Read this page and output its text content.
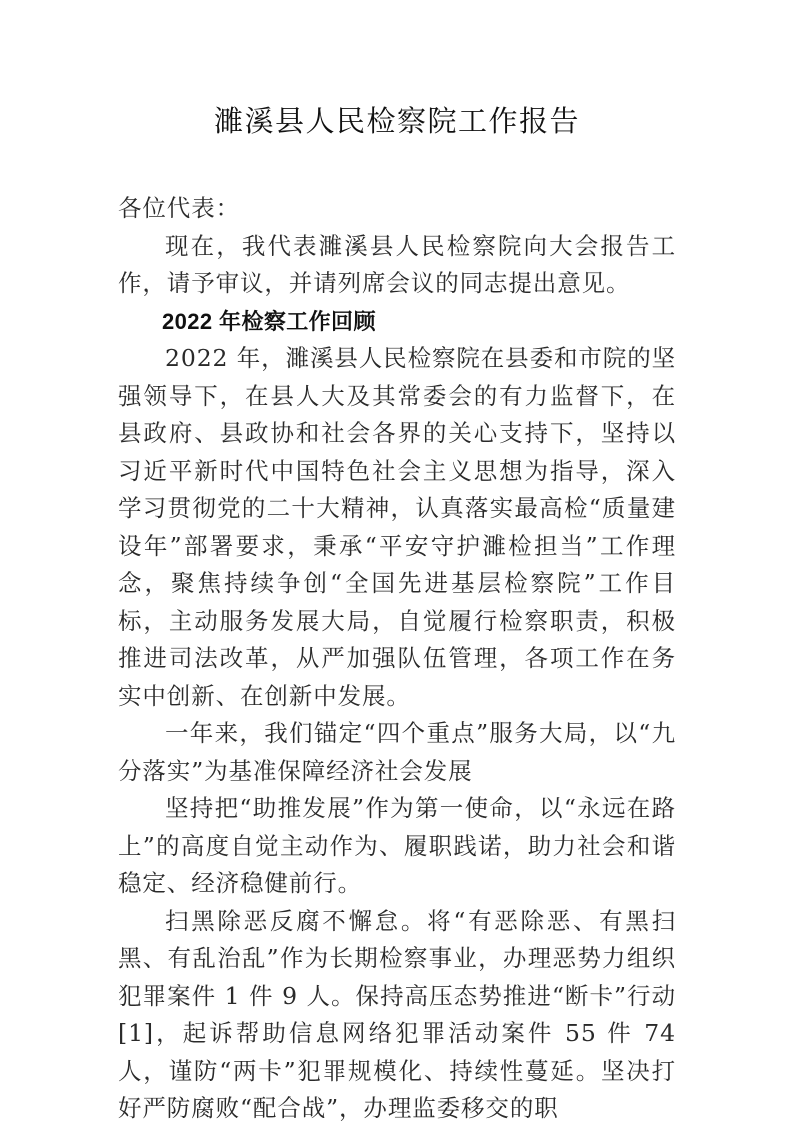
濉溪县人民检察院工作报告

各位代表：

现在，我代表濉溪县人民检察院向大会报告工作，请予审议，并请列席会议的同志提出意见。

2022 年检察工作回顾

2022 年，濉溪县人民检察院在县委和市院的坚强领导下，在县人大及其常委会的有力监督下，在县政府、县政协和社会各界的关心支持下，坚持以习近平新时代中国特色社会主义思想为指导，深入学习贯彻党的二十大精神，认真落实最高检“质量建设年”部署要求，秉承“平安守护濉检担当”工作理念，聚焦持续争创“全国先进基层检察院”工作目标，主动服务发展大局，自觉履行检察职责，积极推进司法改革，从严加强队伍管理，各项工作在务实中创新、在创新中发展。

一年来，我们锚定“四个重点”服务大局，以“九分落实”为基准保障经济社会发展

坚持把“助推发展”作为第一使命，以“永远在路上”的高度自觉主动作为、履职践诺，助力社会和谐稳定、经济稳健前行。

扫黑除恶反腐不懈怠。将“有恶除恶、有黑扫黑、有乱治乱”作为长期检察事业，办理恶势力组织犯罪案件 1 件 9 人。保持高压态势推进“断卡”行动[1]，起诉帮助信息网络犯罪活动案件 55 件 74 人，谨防“两卡”犯罪规模化、持续性蔓延。坚决打好严防腐败“配合战”，办理监委移交的职
